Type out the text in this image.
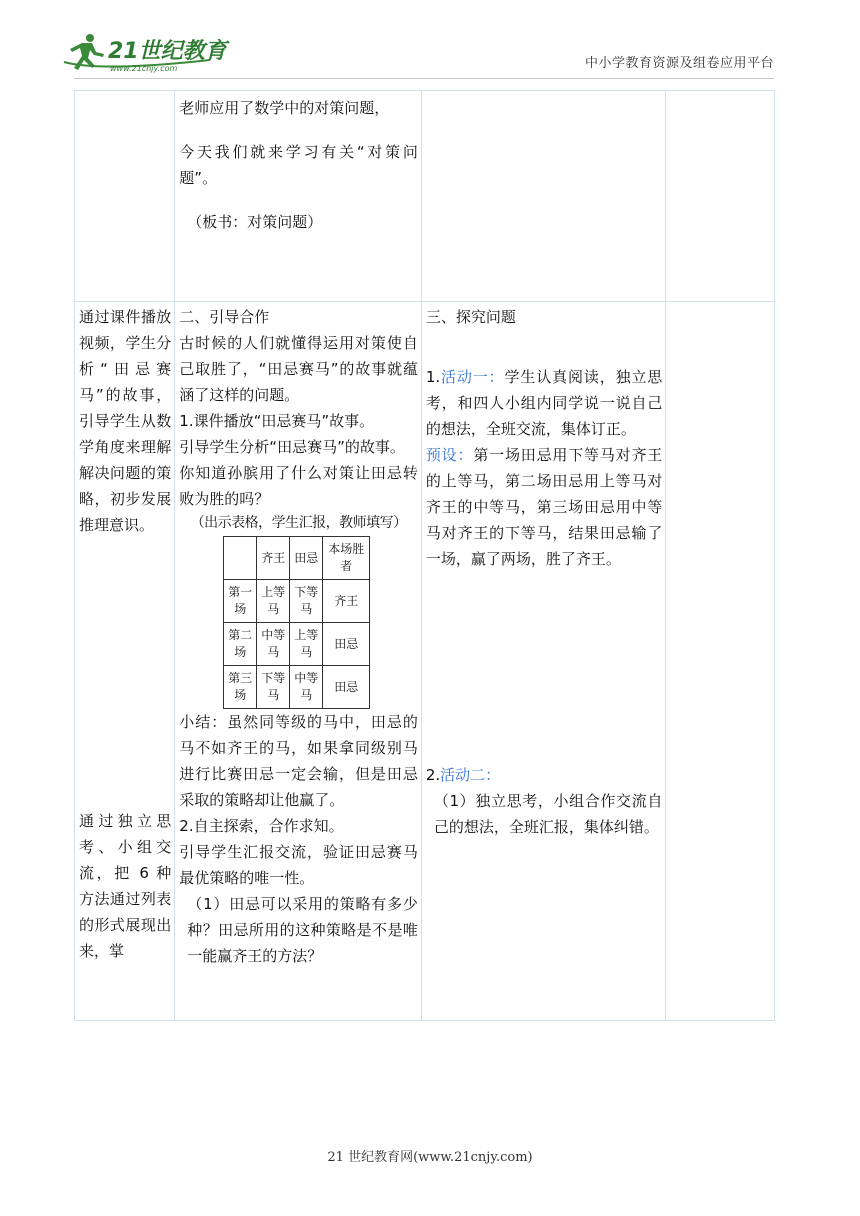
21世纪教育
www.21cnjy.com	中小学教育资源及组卷应用平台

老师应用了数学中的对策问题，
今天我们就来学习有关“对策问题”。
（板书：对策问题）

通过课件播放视频，学生分析“田忌赛马”的故事，引导学生从数学角度来理解解决问题的策略，初步发展推理意识。
通过独立思考、小组交流，把 6 种方法通过列表的形式展现出来，掌

二、引导合作
古时候的人们就懂得运用对策使自己取胜了，“田忌赛马”的故事就蕴涵了这样的问题。
1.课件播放“田忌赛马”故事。
引导学生分析“田忌赛马”的故事。
你知道孙膑用了什么对策让田忌转败为胜的吗？
（出示表格，学生汇报，教师填写）
	齐王	田忌	本场胜者
第一场	上等马	下等马	齐王
第二场	中等马	上等马	田忌
第三场	下等马	中等马	田忌
小结：虽然同等级的马中，田忌的马不如齐王的马，如果拿同级别马进行比赛田忌一定会输，但是田忌采取的策略却让他赢了。
2.自主探索，合作求知。
引导学生汇报交流，验证田忌赛马最优策略的唯一性。
（1）田忌可以采用的策略有多少种？田忌所用的这种策略是不是唯一能赢齐王的方法？

三、探究问题
1.活动一：学生认真阅读，独立思考，和四人小组内同学说一说自己的想法，全班交流，集体订正。
预设：第一场田忌用下等马对齐王的上等马，第二场田忌用上等马对齐王的中等马，第三场田忌用中等马对齐王的下等马，结果田忌输了一场，赢了两场，胜了齐王。
2.活动二：
（1）独立思考，小组合作交流自己的想法，全班汇报，集体纠错。

21 世纪教育网(www.21cnjy.com)
